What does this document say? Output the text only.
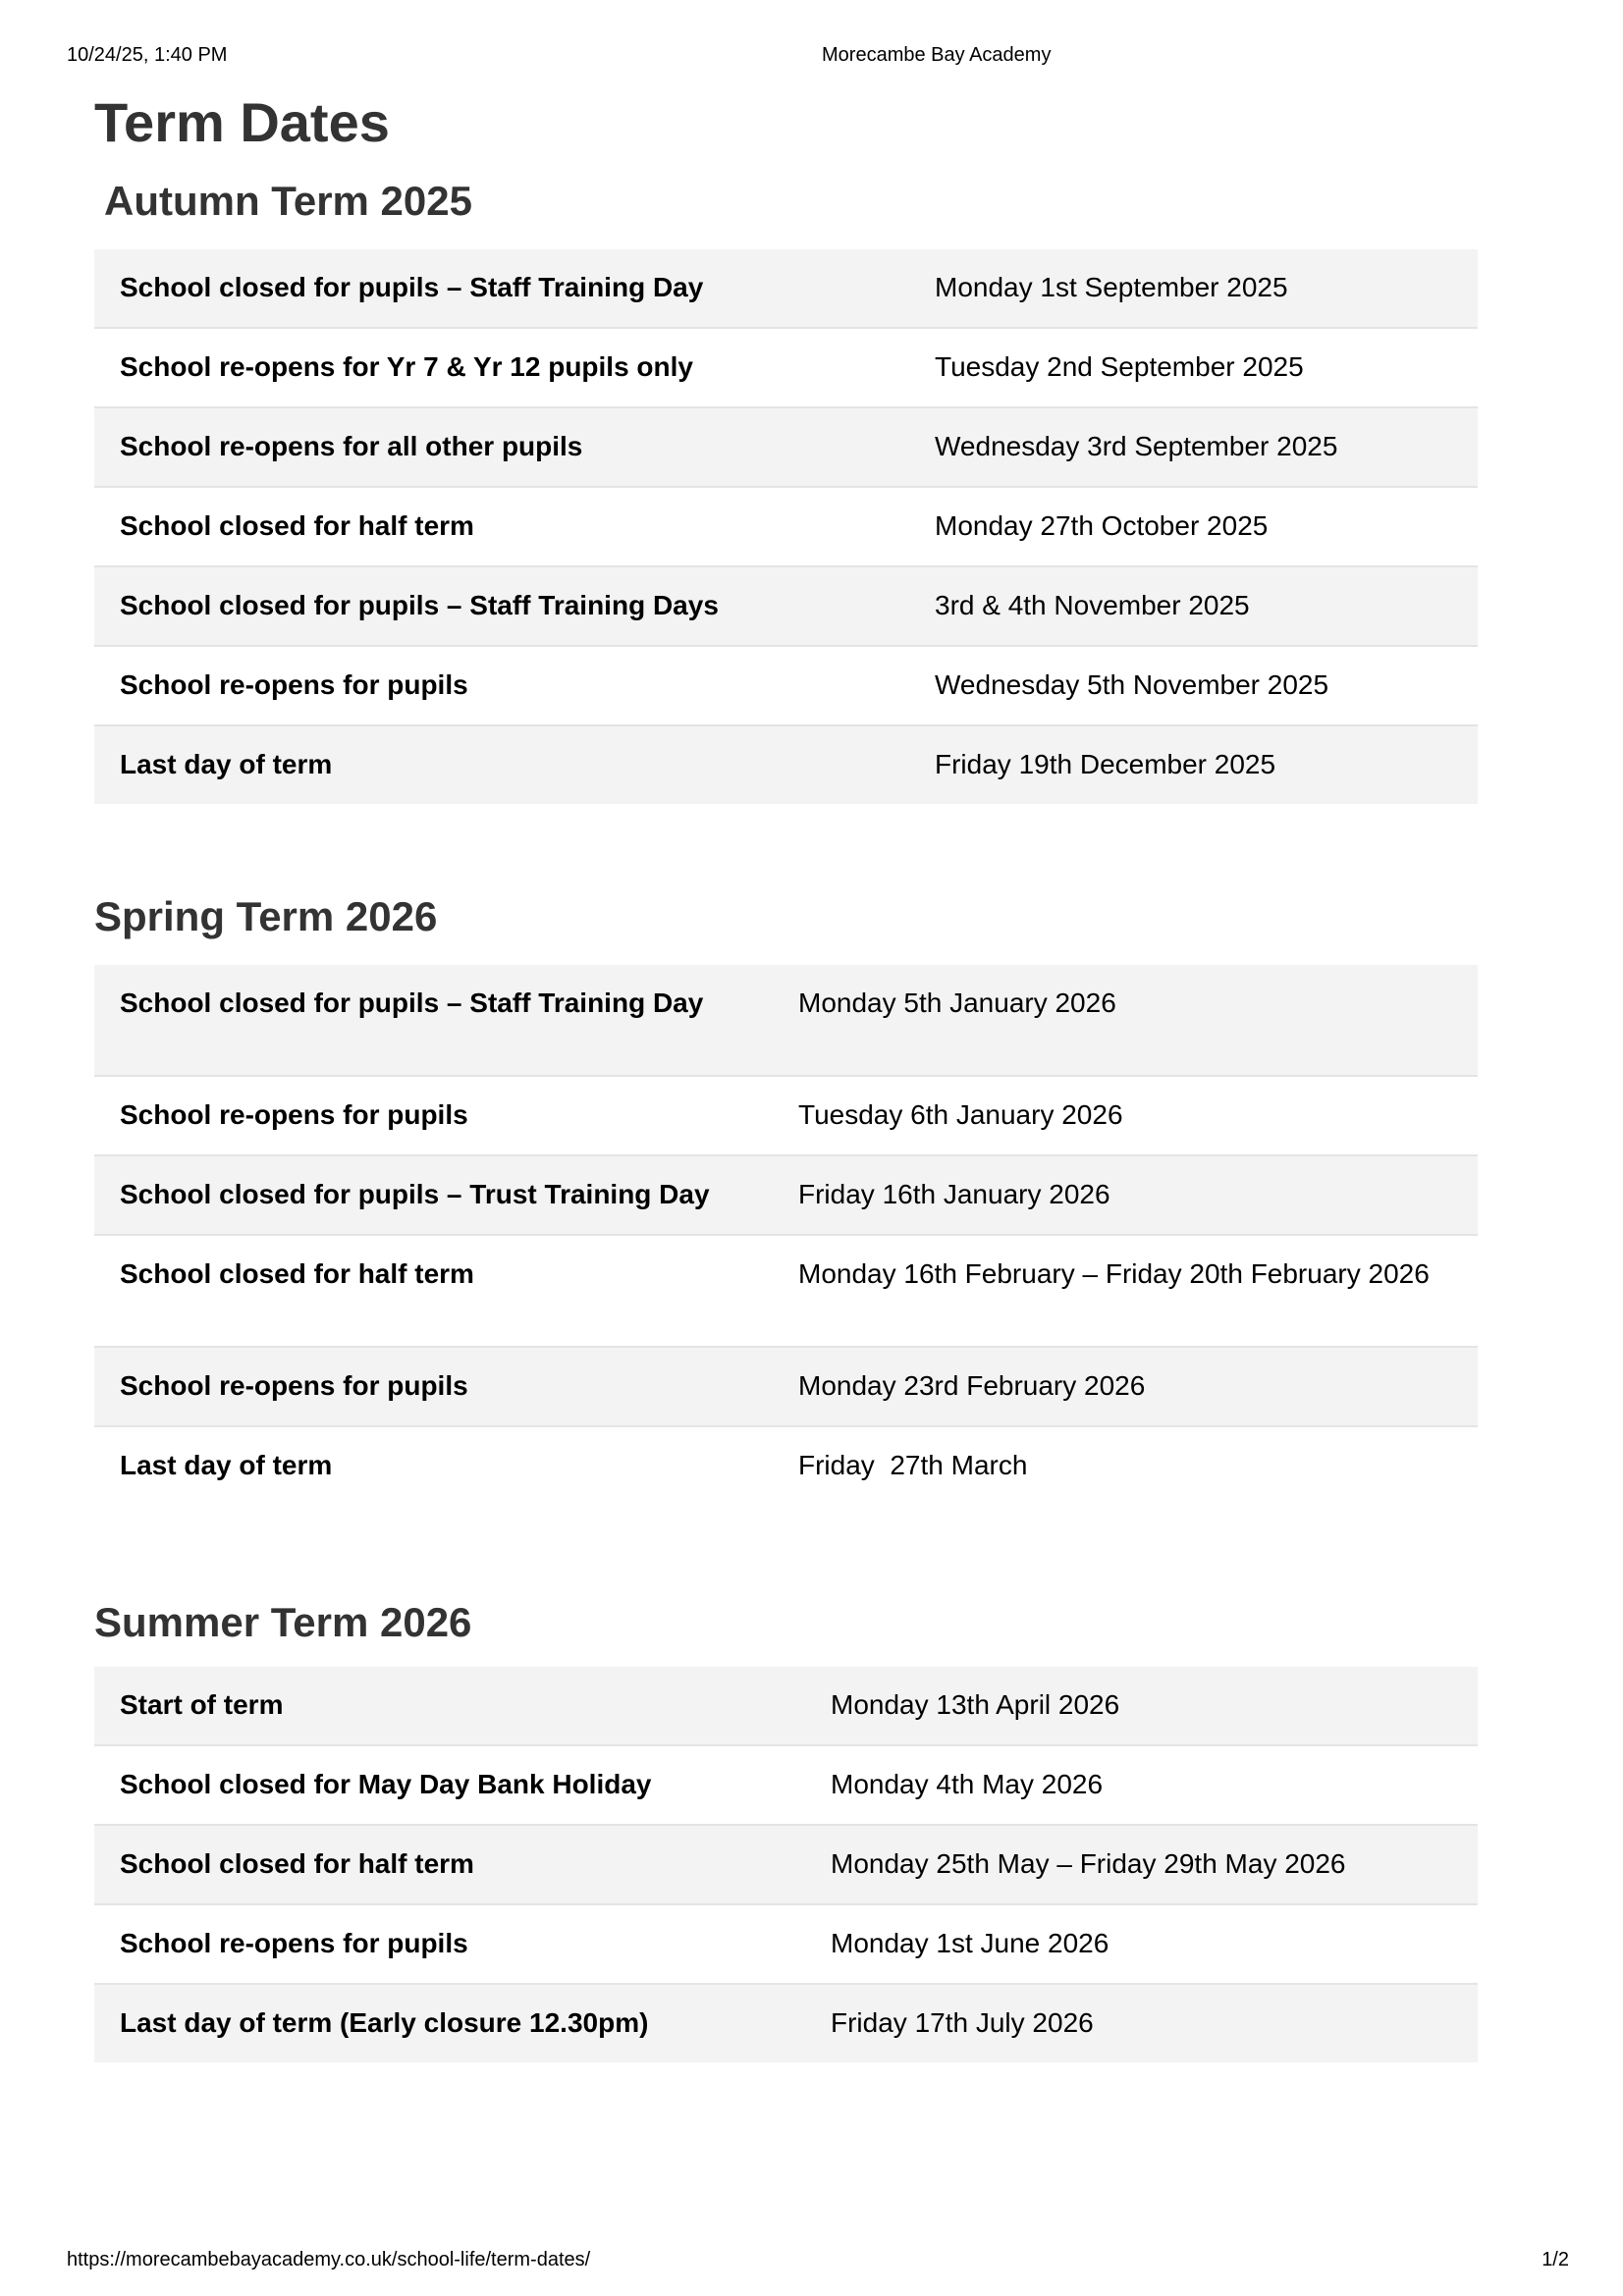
10/24/25, 1:40 PM	Morecambe Bay Academy
Term Dates
Autumn Term 2025
School closed for pupils – Staff Training Day	Monday 1st September 2025
School re-opens for Yr 7 & Yr 12 pupils only	Tuesday 2nd September 2025
School re-opens for all other pupils	Wednesday 3rd September 2025
School closed for half term	Monday 27th October 2025
School closed for pupils – Staff Training Days	3rd & 4th November 2025
School re-opens for pupils	Wednesday 5th November 2025
Last day of term	Friday 19th December 2025
Spring Term 2026
School closed for pupils – Staff Training Day	Monday 5th January 2026
School re-opens for pupils	Tuesday 6th January 2026
School closed for pupils – Trust Training Day	Friday 16th January 2026
School closed for half term	Monday 16th February – Friday 20th February 2026
School re-opens for pupils	Monday 23rd February 2026
Last day of term	Friday  27th March
Summer Term 2026
Start of term	Monday 13th April 2026
School closed for May Day Bank Holiday	Monday 4th May 2026
School closed for half term	Monday 25th May – Friday 29th May 2026
School re-opens for pupils	Monday 1st June 2026
Last day of term (Early closure 12.30pm)	Friday 17th July 2026
https://morecambebayacademy.co.uk/school-life/term-dates/	1/2
